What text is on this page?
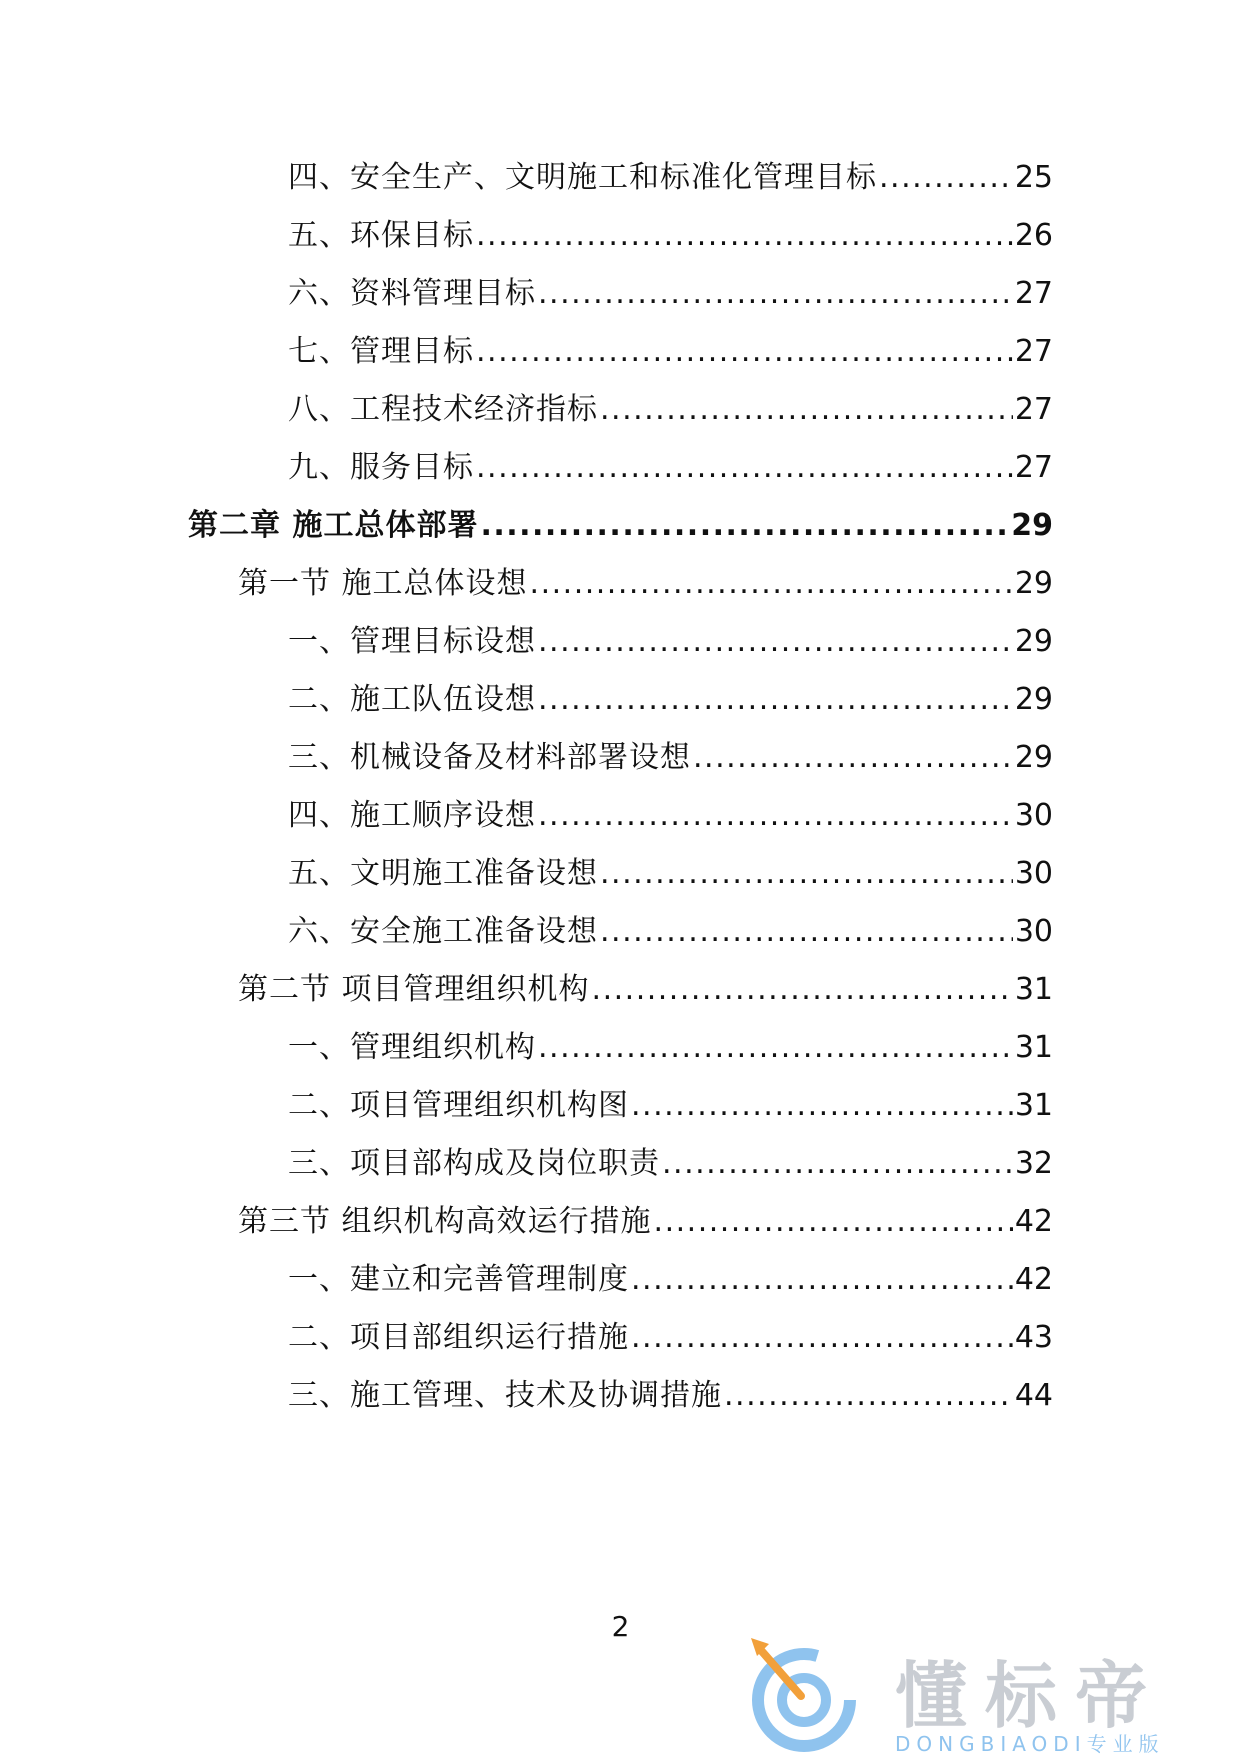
四、安全生产、文明施工和标准化管理目标 .....	25
五、环保目标 .....	26
六、资料管理目标 .....	27
七、管理目标 .....	27
八、工程技术经济指标 .....	27
九、服务目标 .....	27
第二章 施工总体部署 .....	29
第一节 施工总体设想 .....	29
一、管理目标设想 .....	29
二、施工队伍设想 .....	29
三、机械设备及材料部署设想 .....	29
四、施工顺序设想 .....	30
五、文明施工准备设想 .....	30
六、安全施工准备设想 .....	30
第二节 项目管理组织机构 .....	31
一、管理组织机构 .....	31
二、项目管理组织机构图 .....	31
三、项目部构成及岗位职责 .....	32
第三节 组织机构高效运行措施 .....	42
一、建立和完善管理制度 .....	42
二、项目部组织运行措施 .....	43
三、施工管理、技术及协调措施 .....	44
2
懂标帝
DONGBIAODI专业版
